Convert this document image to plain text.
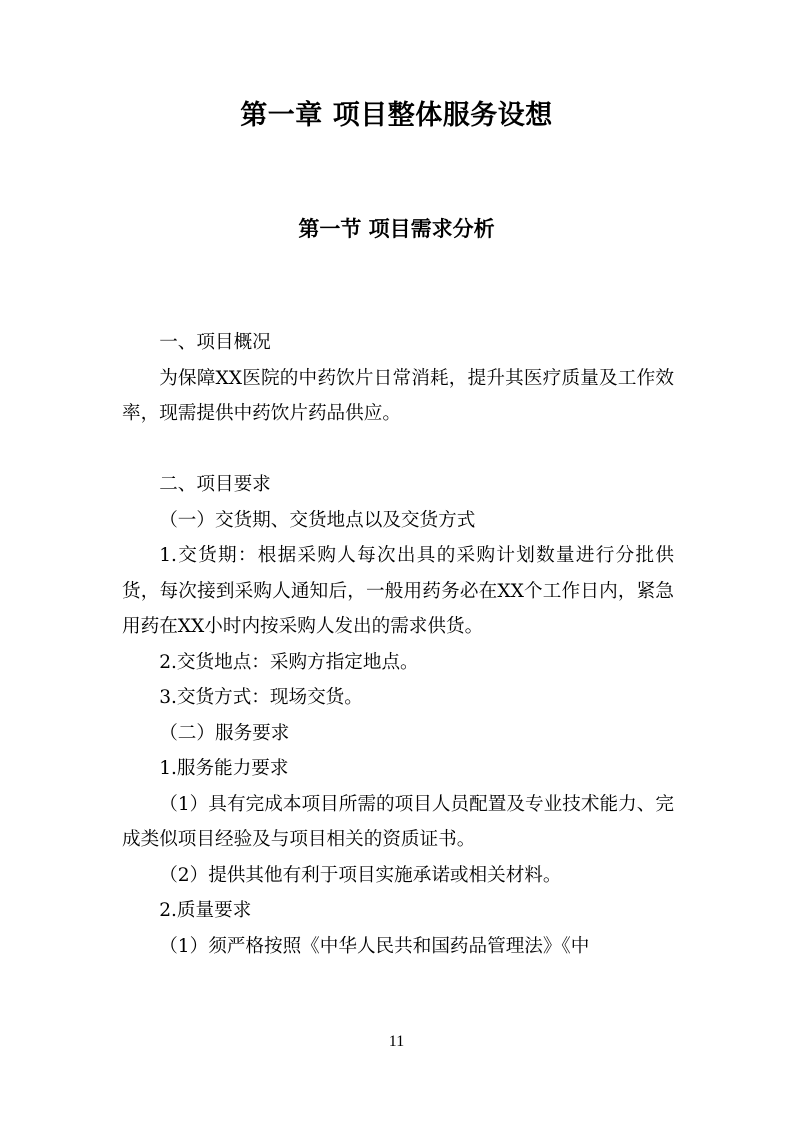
第一章 项目整体服务设想
第一节 项目需求分析

一、项目概况

为保障XX医院的中药饮片日常消耗，提升其医疗质量及工作效率，现需提供中药饮片药品供应。

二、项目要求

（一）交货期、交货地点以及交货方式

1.交货期：根据采购人每次出具的采购计划数量进行分批供货，每次接到采购人通知后，一般用药务必在XX个工作日内，紧急用药在XX小时内按采购人发出的需求供货。

2.交货地点：采购方指定地点。

3.交货方式：现场交货。

（二）服务要求

1.服务能力要求

（1）具有完成本项目所需的项目人员配置及专业技术能力、完成类似项目经验及与项目相关的资质证书。

（2）提供其他有利于项目实施承诺或相关材料。

2.质量要求

（1）须严格按照《中华人民共和国药品管理法》《中

11
